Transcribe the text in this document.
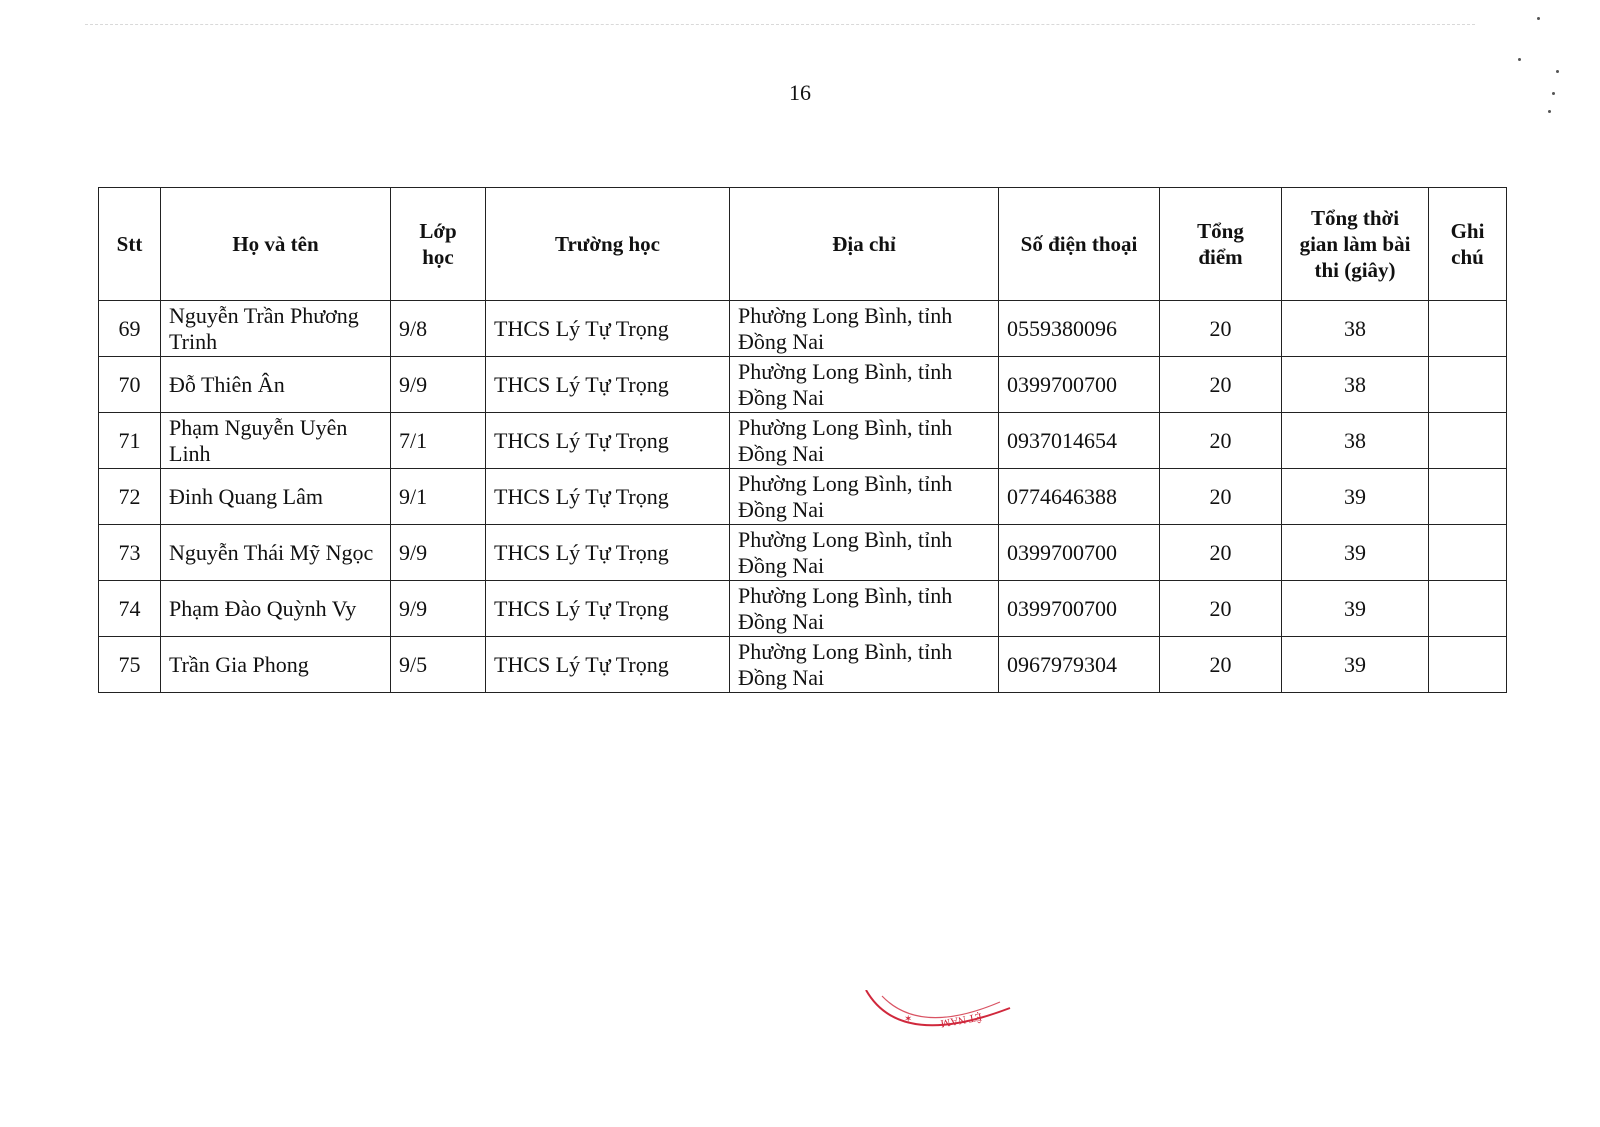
16
Stt	Họ và tên	Lớp học	Trường học	Địa chỉ	Số điện thoại	Tổng điểm	Tổng thời gian làm bài thi (giây)	Ghi chú
69	Nguyễn Trần Phương Trinh	9/8	THCS Lý Tự Trọng	Phường Long Bình, tỉnh Đồng Nai	0559380096	20	38	
70	Đỗ Thiên Ân	9/9	THCS Lý Tự Trọng	Phường Long Bình, tỉnh Đồng Nai	0399700700	20	38	
71	Phạm Nguyễn Uyên Linh	7/1	THCS Lý Tự Trọng	Phường Long Bình, tỉnh Đồng Nai	0937014654	20	38	
72	Đinh Quang Lâm	9/1	THCS Lý Tự Trọng	Phường Long Bình, tỉnh Đồng Nai	0774646388	20	39	
73	Nguyễn Thái Mỹ Ngọc	9/9	THCS Lý Tự Trọng	Phường Long Bình, tỉnh Đồng Nai	0399700700	20	39	
74	Phạm Đào Quỳnh Vy	9/9	THCS Lý Tự Trọng	Phường Long Bình, tỉnh Đồng Nai	0399700700	20	39	
75	Trần Gia Phong	9/5	THCS Lý Tự Trọng	Phường Long Bình, tỉnh Đồng Nai	0967979304	20	39	
ỆT NAM
✶
